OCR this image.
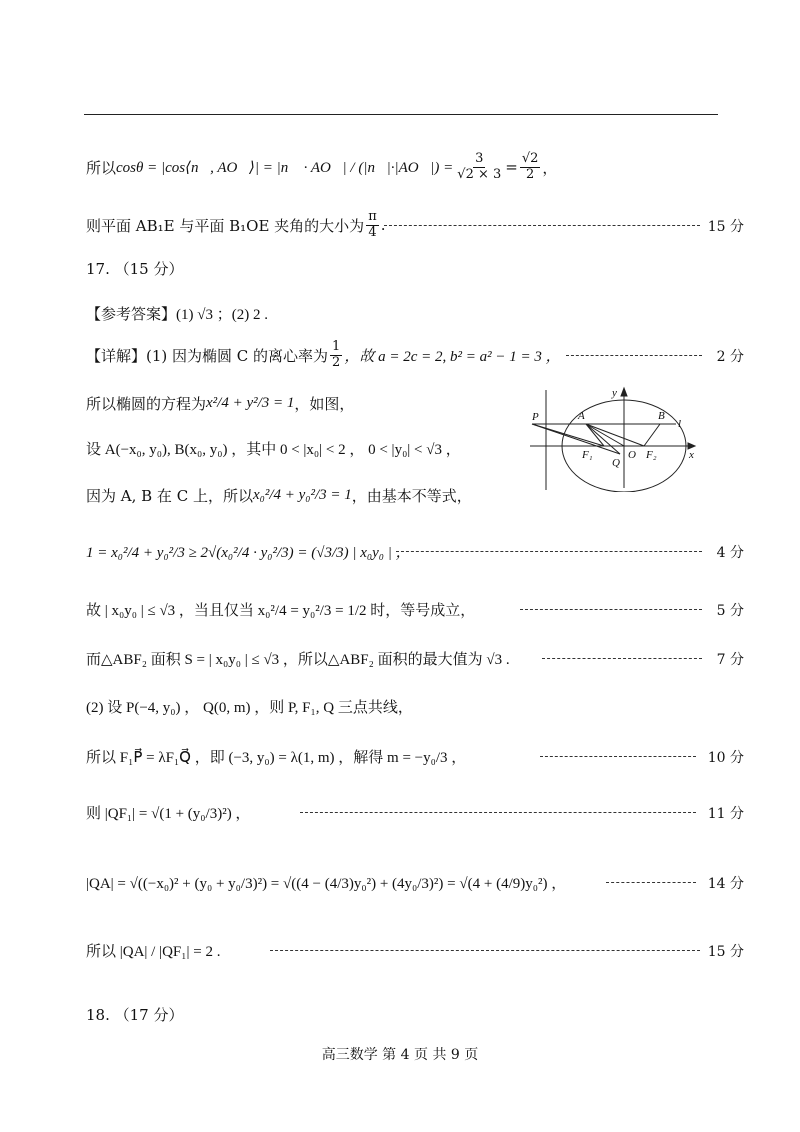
所以 cosθ = |cos⟨n⃗, AO⃗⟩| = |n⃗ · AO⃗| / (|n⃗|·|AO⃗|) = $\frac{3}{√2 \times 3} = \frac{√2}{2}$ ，
则平面 AB₁E 与平面 B₁OE 夹角的大小为 $\frac{\pi}{4}$ .	15 分
17. （15 分）
【参考答案】 (1) √3 ；(2) 2 .
【详解】 (1) 因为椭圆 C 的离心率为 $\frac{1}{2}$ ，故 a = 2c = 2, b² = a² − 1 = 3 ，	2 分
所以椭圆的方程为 x²/4 + y²/3 = 1 ，如图，
设 A(−x₀, y₀), B(x₀, y₀) ，其中 0 < |x₀| < 2 ， 0 < |y₀| < √3 ，
因为 A, B 在 C 上，所以 x₀²/4 + y₀²/3 = 1 ，由基本不等式，
1 = x₀²/4 + y₀²/3 ≥ 2√(x₀²/4 · y₀²/3) = (√3/3) | x₀y₀ | ，	4 分
故 | x₀y₀ | ≤ √3 ，当且仅当 x₀²/4 = y₀²/3 = 1/2 时，等号成立，	5 分
而△ABF₂ 面积 S = | x₀y₀ | ≤ √3 ，所以△ABF₂ 面积的最大值为 √3 .	7 分
(2) 设 P(−4, y₀) ， Q(0, m) ，则 P, F₁, Q 三点共线，
所以 F₁P⃗ = λF₁Q⃗ ，即 (−3, y₀) = λ(1, m) ，解得 m = −y₀/3 ，	10 分
则 |QF₁| = √(1 + (y₀/3)²) ，	11 分
|QA| = √((−x₀)² + (y₀ + y₀/3)²) = √((4 − (4/3)y₀²) + (4y₀/3)²) = √(4 + (4/9)y₀²) ，	14 分
所以 |QA| / |QF₁| = 2 .	15 分
18. （17 分）
y
P	A	B
l
F₁	O F₂	x
Q
高三数学 第 4 页 共 9 页
